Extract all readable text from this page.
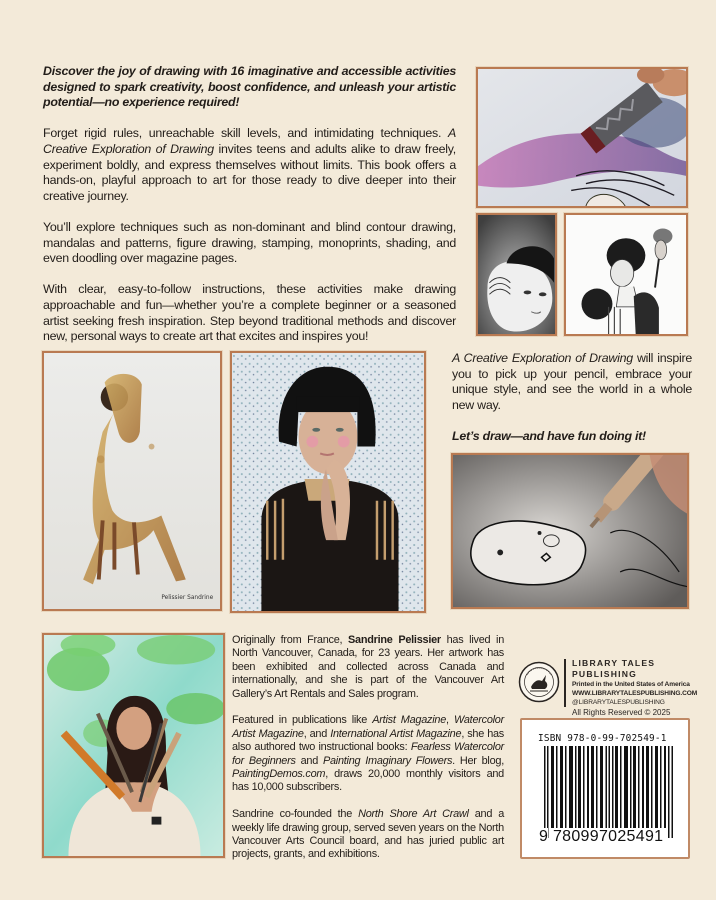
Discover the joy of drawing with 16 imaginative and accessible activities designed to spark creativity, boost confidence, and unleash your artistic potential—no experience required!

Forget rigid rules, unreachable skill levels, and intimidating techniques. A Creative Exploration of Drawing invites teens and adults alike to draw freely, experiment boldly, and express themselves without limits. This book offers a hands-on, playful approach to art for those ready to dive deeper into their creative journey.

You’ll explore techniques such as non-dominant and blind contour drawing, mandalas and patterns, figure drawing, stamping, monoprints, shading, and even doodling over magazine pages.

With clear, easy-to-follow instructions, these activities make drawing approachable and fun—whether you’re a complete beginner or a seasoned artist seeking fresh inspiration. Step beyond traditional methods and discover new, personal ways to create art that excites and inspires you!

A Creative Exploration of Drawing will inspire you to pick up your pencil, embrace your unique style, and see the world in a whole new way.

Let’s draw—and have fun doing it!

Pelissier Sandrine

Originally from France, Sandrine Pelissier has lived in North Vancouver, Canada, for 23 years. Her artwork has been exhibited and collected across Canada and internationally, and she is part of the Vancouver Art Gallery’s Art Rentals and Sales program.

Featured in publications like Artist Magazine, Watercolor Artist Magazine, and International Artist Magazine, she has also authored two instructional books: Fearless Watercolor for Beginners and Painting Imaginary Flowers. Her blog, PaintingDemos.com, draws 20,000 monthly visitors and has 10,000 subscribers.

Sandrine co-founded the North Shore Art Crawl and a weekly life drawing group, served seven years on the North Vancouver Arts Council board, and has juried public art projects, grants, and exhibitions.

LIBRARY TALES PUBLISHING
Printed in the United States of America
WWW.LIBRARYTALESPUBLISHING.COM
@LIBRARYTALESPUBLISHING
All Rights Reserved © 2025
ISBN 978-0-99-702549-1
9 780997025491
